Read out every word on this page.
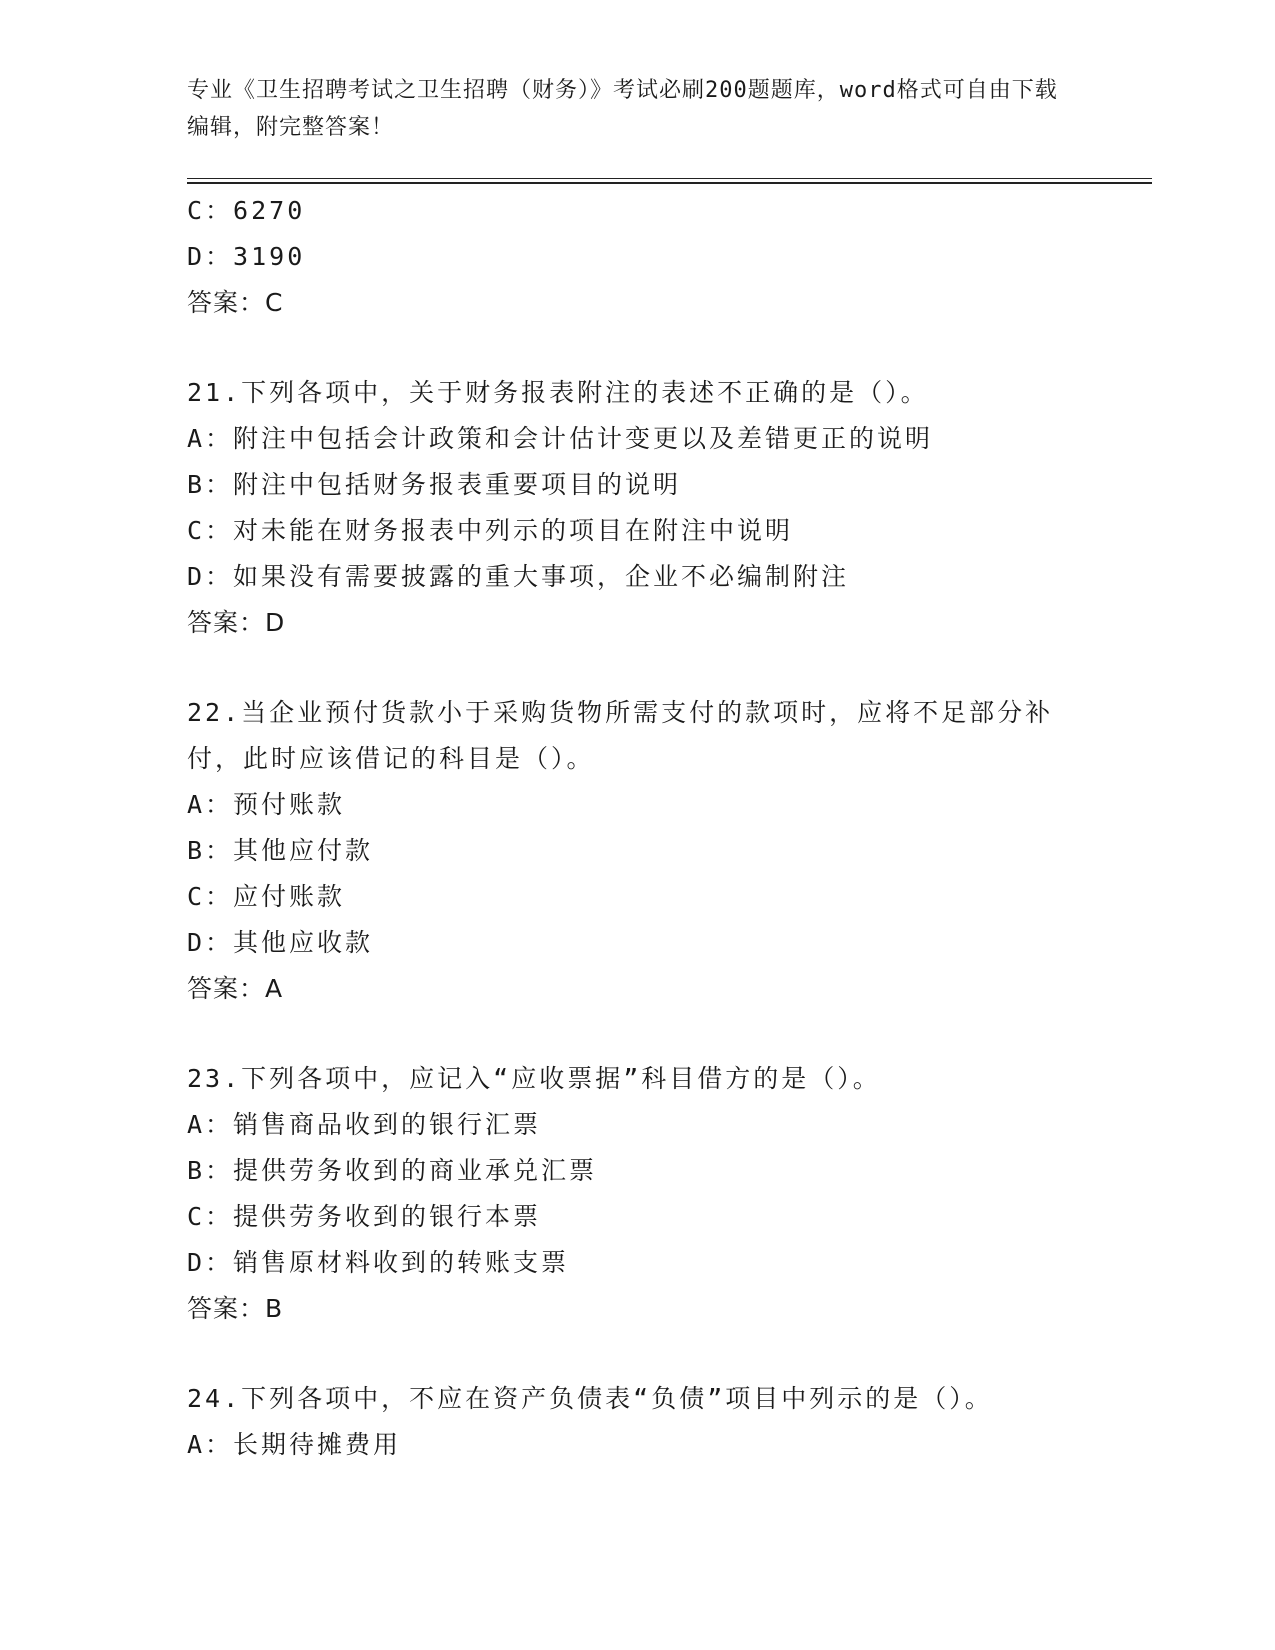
专业《卫生招聘考试之卫生招聘（财务）》考试必刷200题题库，word格式可自由下载编辑，附完整答案！
C：6270
D：3190
答案：C
21.下列各项中，关于财务报表附注的表述不正确的是（）。
A：附注中包括会计政策和会计估计变更以及差错更正的说明
B：附注中包括财务报表重要项目的说明
C：对未能在财务报表中列示的项目在附注中说明
D：如果没有需要披露的重大事项，企业不必编制附注
答案：D
22.当企业预付货款小于采购货物所需支付的款项时，应将不足部分补付，此时应该借记的科目是（）。
A：预付账款
B：其他应付款
C：应付账款
D：其他应收款
答案：A
23.下列各项中，应记入“应收票据”科目借方的是（）。
A：销售商品收到的银行汇票
B：提供劳务收到的商业承兑汇票
C：提供劳务收到的银行本票
D：销售原材料收到的转账支票
答案：B
24.下列各项中，不应在资产负债表“负债”项目中列示的是（）。
A：长期待摊费用
